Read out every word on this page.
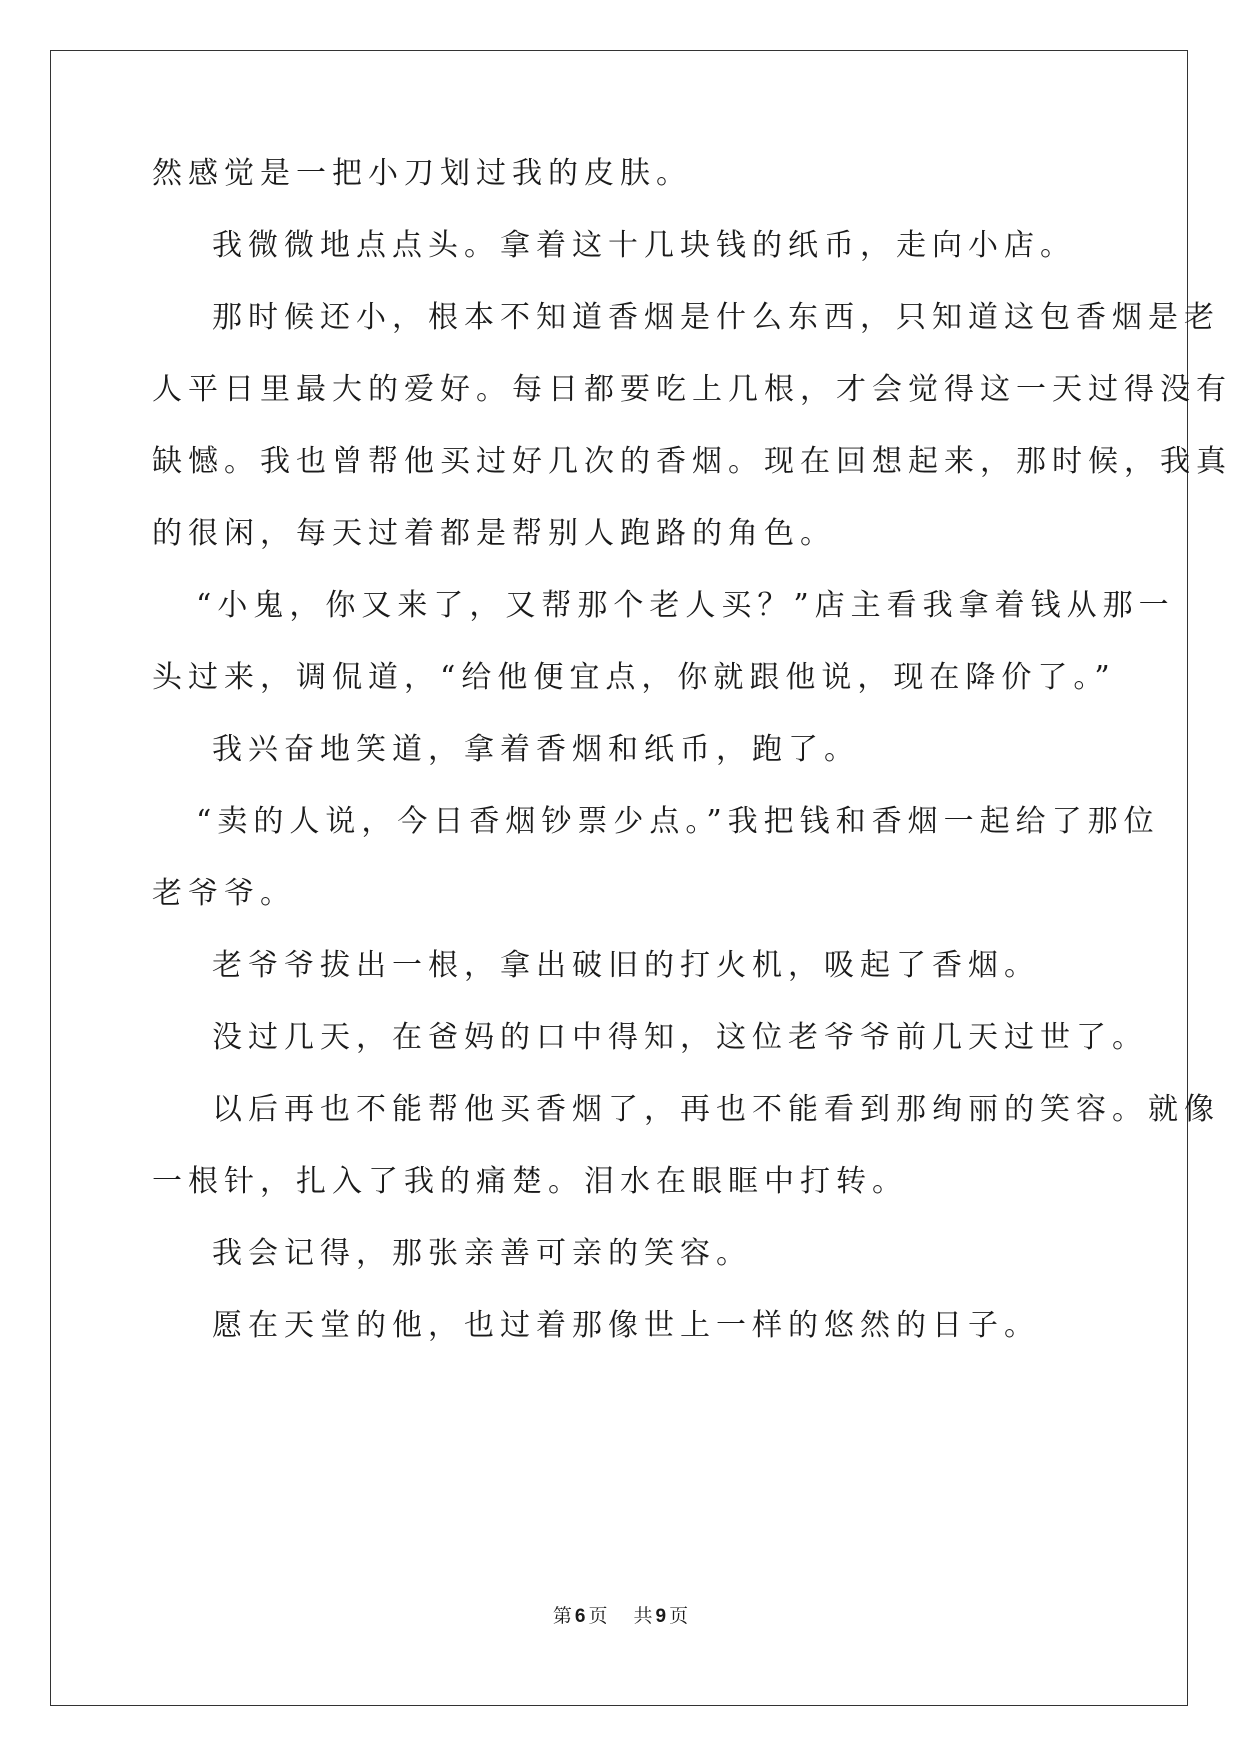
然感觉是一把小刀划过我的皮肤。
我微微地点点头。拿着这十几块钱的纸币，走向小店。
那时候还小，根本不知道香烟是什么东西，只知道这包香烟是老
人平日里最大的爱好。每日都要吃上几根，才会觉得这一天过得没有
缺憾。我也曾帮他买过好几次的香烟。现在回想起来，那时候，我真
的很闲，每天过着都是帮别人跑路的角色。
“小鬼，你又来了，又帮那个老人买？”店主看我拿着钱从那一
头过来，调侃道，“给他便宜点，你就跟他说，现在降价了。”
我兴奋地笑道，拿着香烟和纸币，跑了。
“卖的人说，今日香烟钞票少点。”我把钱和香烟一起给了那位
老爷爷。
老爷爷拔出一根，拿出破旧的打火机，吸起了香烟。
没过几天，在爸妈的口中得知，这位老爷爷前几天过世了。
以后再也不能帮他买香烟了，再也不能看到那绚丽的笑容。就像
一根针，扎入了我的痛楚。泪水在眼眶中打转。
我会记得，那张亲善可亲的笑容。
愿在天堂的他，也过着那像世上一样的悠然的日子。
第 6 页 共 9 页
